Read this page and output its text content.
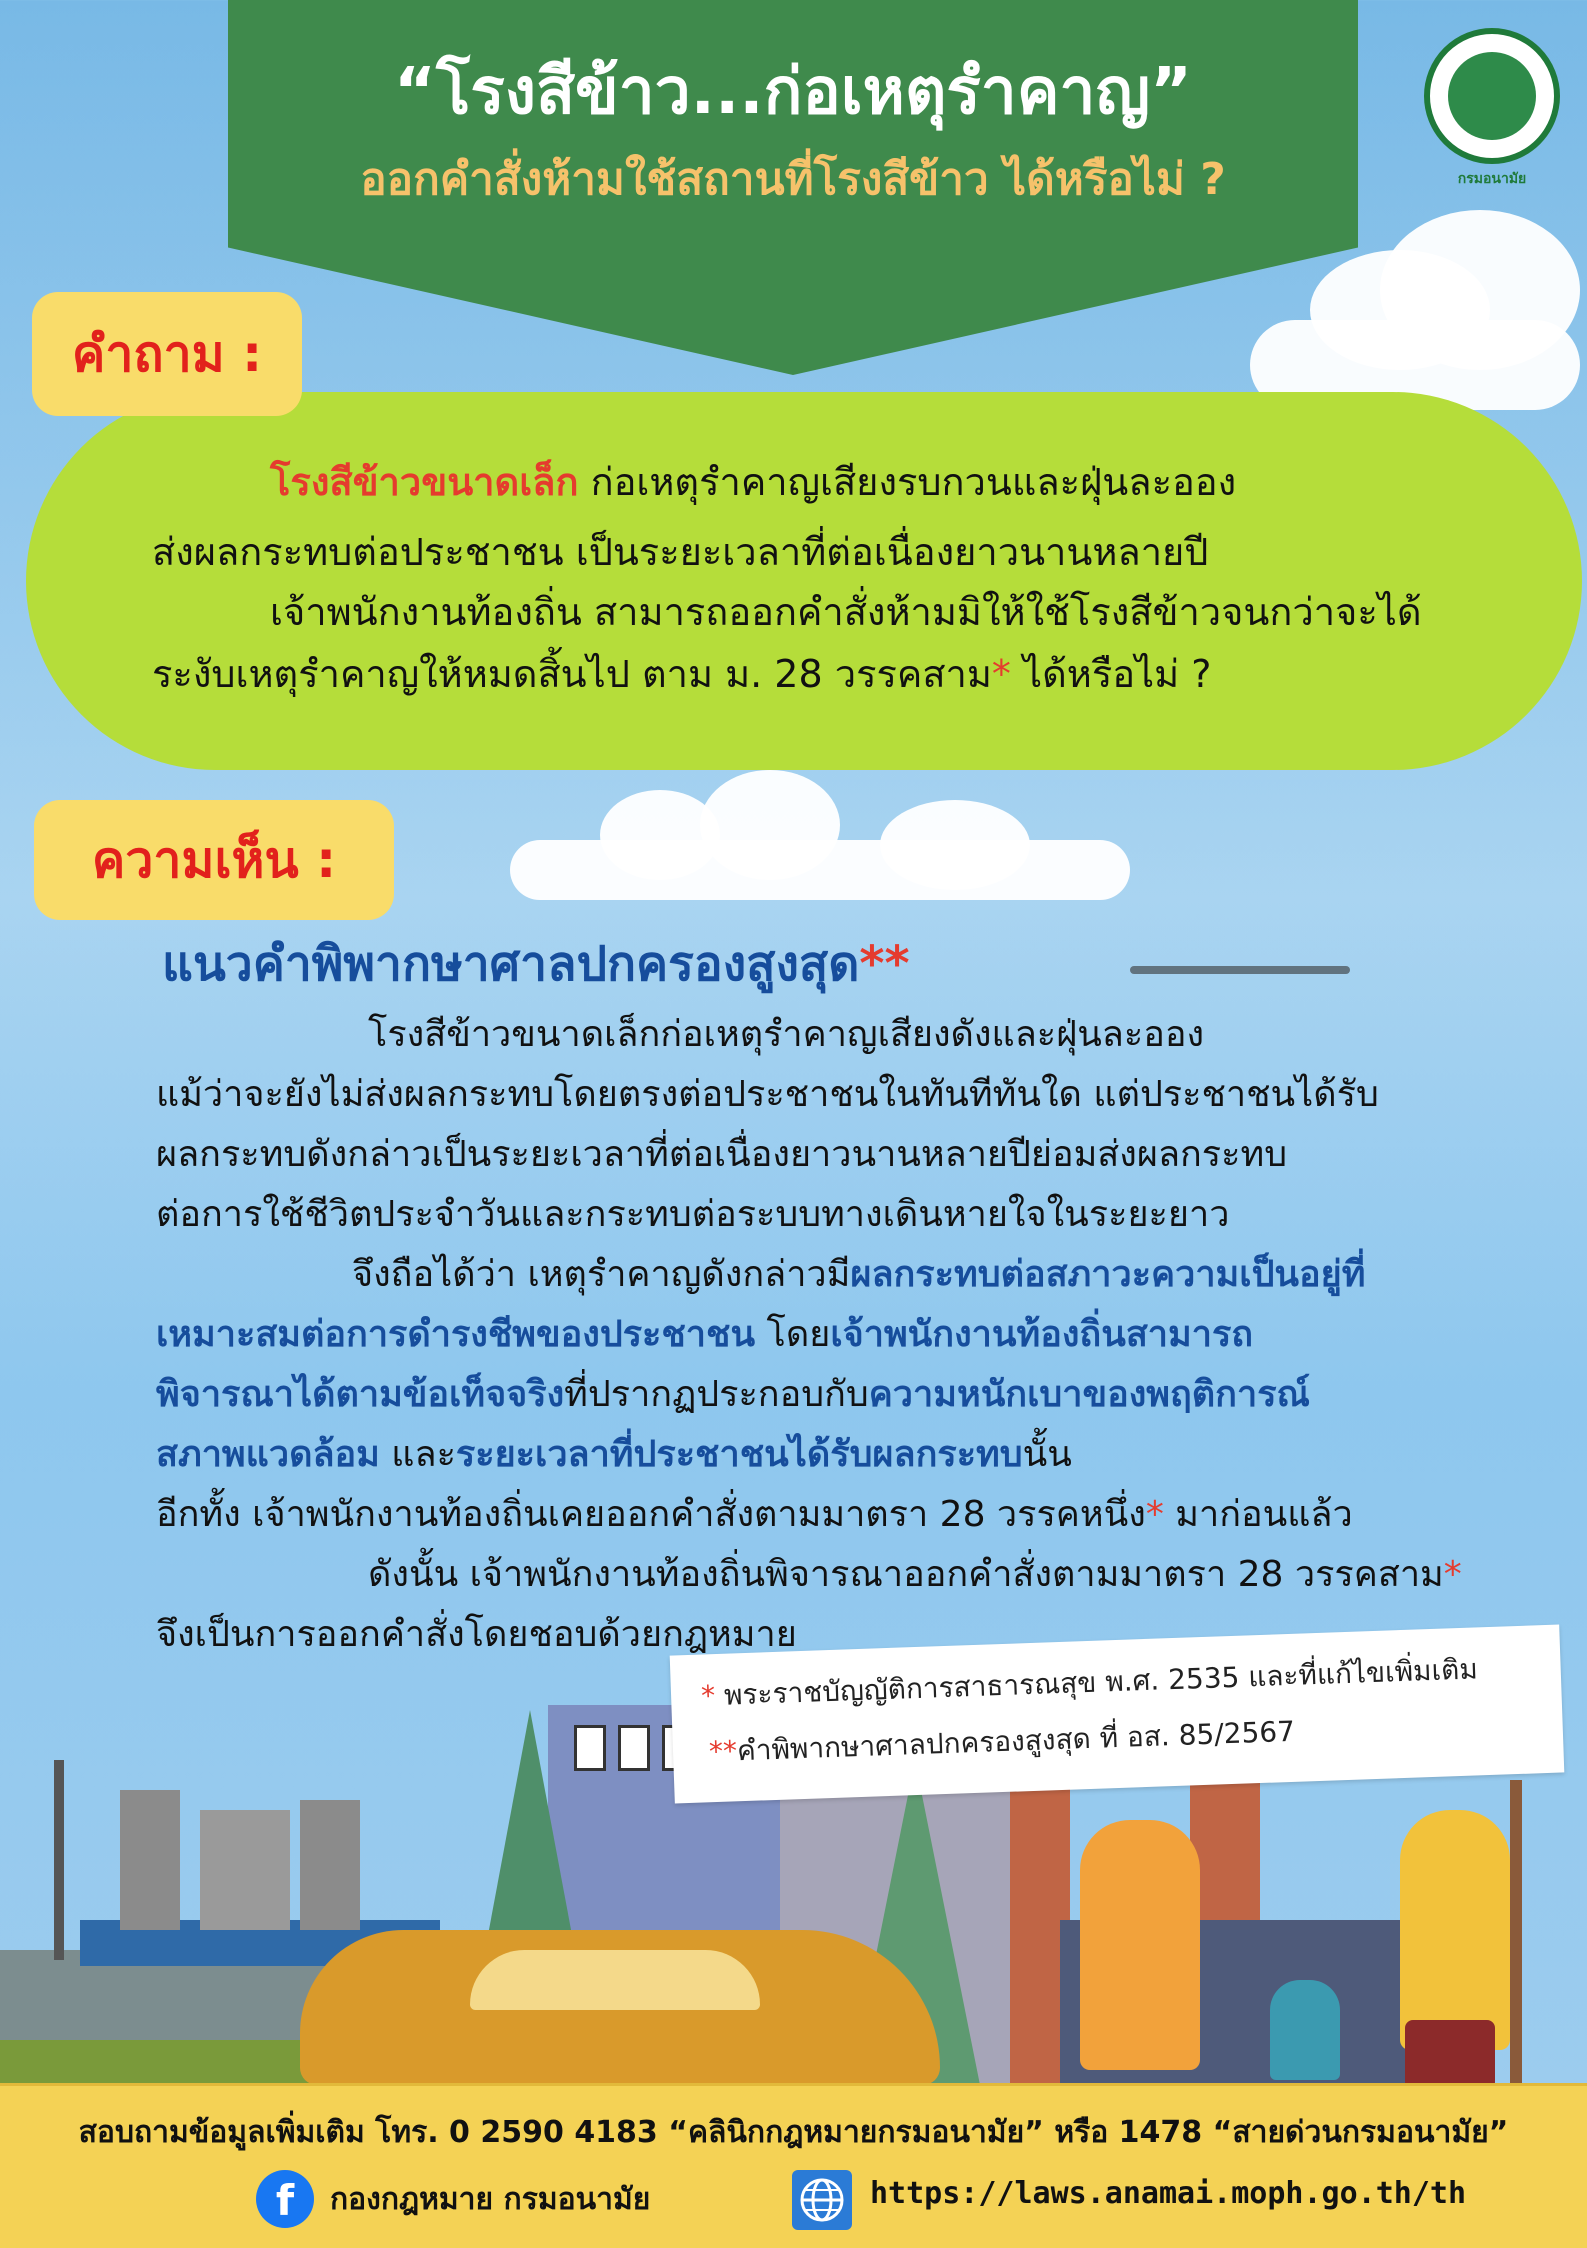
“โรงสีข้าว...ก่อเหตุรำคาญ”
ออกคำสั่งห้ามใช้สถานที่โรงสีข้าว ได้หรือไม่ ?	กรมอนามัย
คำถาม :
โรงสีข้าวขนาดเล็ก ก่อเหตุรำคาญเสียงรบกวนและฝุ่นละออง
ส่งผลกระทบต่อประชาชน เป็นระยะเวลาที่ต่อเนื่องยาวนานหลายปี
เจ้าพนักงานท้องถิ่น สามารถออกคำสั่งห้ามมิให้ใช้โรงสีข้าวจนกว่าจะได้
ระงับเหตุรำคาญให้หมดสิ้นไป ตาม ม. 28 วรรคสาม* ได้หรือไม่ ?
ความเห็น :
แนวคำพิพากษาศาลปกครองสูงสุด**
โรงสีข้าวขนาดเล็กก่อเหตุรำคาญเสียงดังและฝุ่นละออง
แม้ว่าจะยังไม่ส่งผลกระทบโดยตรงต่อประชาชนในทันทีทันใด แต่ประชาชนได้รับ
ผลกระทบดังกล่าวเป็นระยะเวลาที่ต่อเนื่องยาวนานหลายปีย่อมส่งผลกระทบ
ต่อการใช้ชีวิตประจำวันและกระทบต่อระบบทางเดินหายใจในระยะยาว
จึงถือได้ว่า เหตุรำคาญดังกล่าวมีผลกระทบต่อสภาวะความเป็นอยู่ที่
เหมาะสมต่อการดำรงชีพของประชาชน โดยเจ้าพนักงานท้องถิ่นสามารถ
พิจารณาได้ตามข้อเท็จจริงที่ปรากฏประกอบกับความหนักเบาของพฤติการณ์
สภาพแวดล้อม และระยะเวลาที่ประชาชนได้รับผลกระทบนั้น
อีกทั้ง เจ้าพนักงานท้องถิ่นเคยออกคำสั่งตามมาตรา 28 วรรคหนึ่ง* มาก่อนแล้ว
ดังนั้น เจ้าพนักงานท้องถิ่นพิจารณาออกคำสั่งตามมาตรา 28 วรรคสาม*
จึงเป็นการออกคำสั่งโดยชอบด้วยกฎหมาย
* พระราชบัญญัติการสาธารณสุข พ.ศ. 2535 และที่แก้ไขเพิ่มเติม
**คำพิพากษาศาลปกครองสูงสุด ที่ อส. 85/2567
สอบถามข้อมูลเพิ่มเติม โทร. 0 2590 4183 “คลินิกกฎหมายกรมอนามัย” หรือ 1478 “สายด่วนกรมอนามัย”
f	กองกฎหมาย กรมอนามัย	https://laws.anamai.moph.go.th/th
